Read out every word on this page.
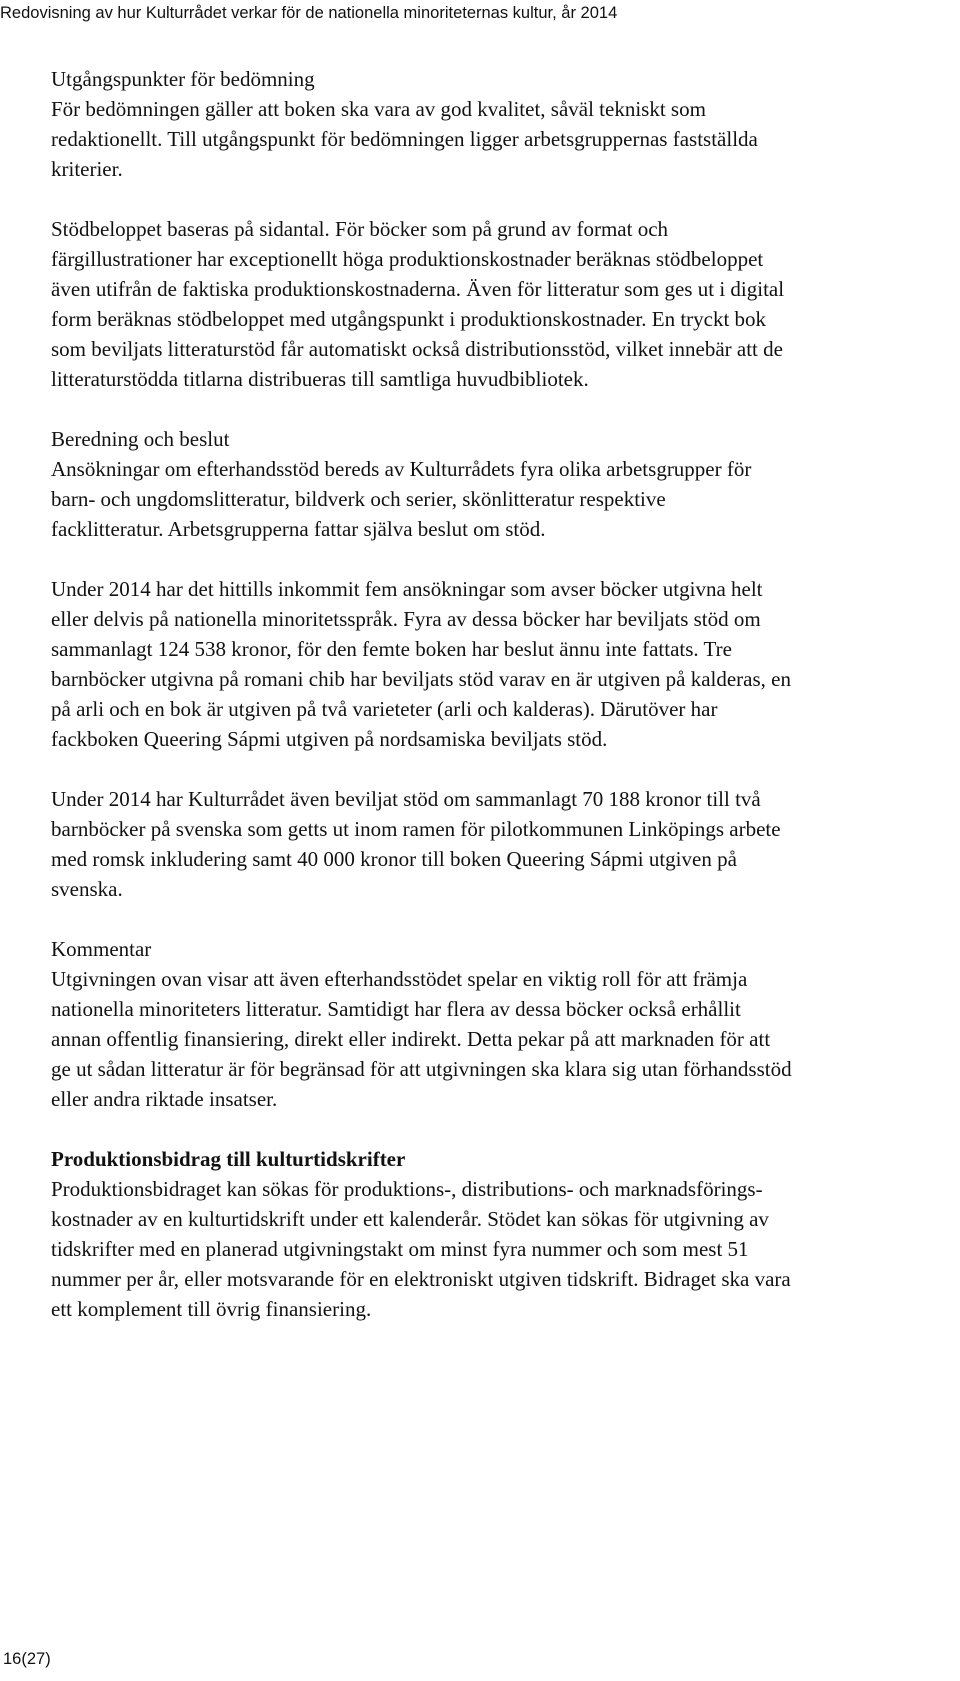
Redovisning av hur Kulturrådet verkar för de nationella minoriteternas kultur, år 2014
Utgångspunkter för bedömning
För bedömningen gäller att boken ska vara av god kvalitet, såväl tekniskt som
redaktionellt. Till utgångspunkt för bedömningen ligger arbetsgruppernas fastställda
kriterier.
Stödbeloppet baseras på sidantal. För böcker som på grund av format och
färgillustrationer har exceptionellt höga produktionskostnader beräknas stödbeloppet
även utifrån de faktiska produktionskostnaderna. Även för litteratur som ges ut i digital
form beräknas stödbeloppet med utgångspunkt i produktionskostnader. En tryckt bok
som beviljats litteraturstöd får automatiskt också distributionsstöd, vilket innebär att de
litteraturstödda titlarna distribueras till samtliga huvudbibliotek.
Beredning och beslut
Ansökningar om efterhandsstöd bereds av Kulturrådets fyra olika arbetsgrupper för
barn- och ungdomslitteratur, bildverk och serier, skönlitteratur respektive
facklitteratur. Arbetsgrupperna fattar själva beslut om stöd.
Under 2014 har det hittills inkommit fem ansökningar som avser böcker utgivna helt
eller delvis på nationella minoritetsspråk. Fyra av dessa böcker har beviljats stöd om
sammanlagt 124 538 kronor, för den femte boken har beslut ännu inte fattats. Tre
barnböcker utgivna på romani chib har beviljats stöd varav en är utgiven på kalderas, en
på arli och en bok är utgiven på två varieteter (arli och kalderas). Därutöver har
fackboken Queering Sápmi utgiven på nordsamiska beviljats stöd.
Under 2014 har Kulturrådet även beviljat stöd om sammanlagt 70 188 kronor till två
barnböcker på svenska som getts ut inom ramen för pilotkommunen Linköpings arbete
med romsk inkludering samt 40 000 kronor till boken Queering Sápmi utgiven på
svenska.
Kommentar
Utgivningen ovan visar att även efterhandsstödet spelar en viktig roll för att främja
nationella minoriteters litteratur. Samtidigt har flera av dessa böcker också erhållit
annan offentlig finansiering, direkt eller indirekt. Detta pekar på att marknaden för att
ge ut sådan litteratur är för begränsad för att utgivningen ska klara sig utan förhandsstöd
eller andra riktade insatser.
Produktionsbidrag till kulturtidskrifter
Produktionsbidraget kan sökas för produktions-, distributions- och marknadsförings-
kostnader av en kulturtidskrift under ett kalenderår. Stödet kan sökas för utgivning av
tidskrifter med en planerad utgivningstakt om minst fyra nummer och som mest 51
nummer per år, eller motsvarande för en elektroniskt utgiven tidskrift. Bidraget ska vara
ett komplement till övrig finansiering.
16(27)
